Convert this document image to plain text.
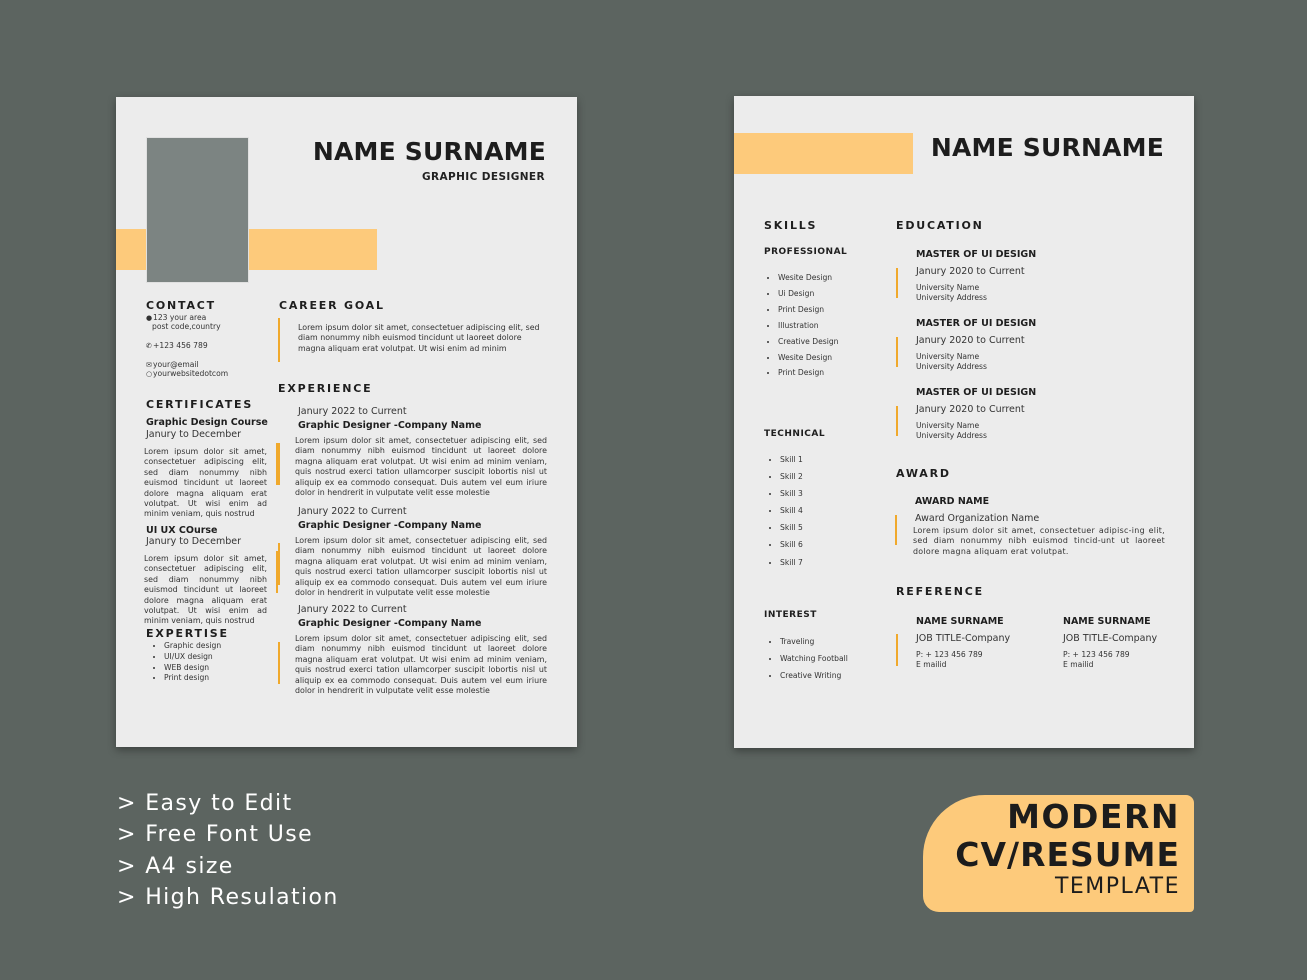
NAME SURNAME
GRAPHIC DESIGNER
CONTACT
●123 your area
post code,country
✆+123 456 789
✉your@email
○yourwebsitedotcom
CERTIFICATES
Graphic Design Course
Janury to December
Lorem ipsum dolor sit amet, consectetuer adipiscing elit, sed diam nonummy nibh euismod tincidunt ut laoreet dolore magna aliquam erat volutpat. Ut wisi enim ad minim veniam, quis nostrud
UI UX COurse
Janury to December
Lorem ipsum dolor sit amet, consectetuer adipiscing elit, sed diam nonummy nibh euismod tincidunt ut laoreet dolore magna aliquam erat volutpat. Ut wisi enim ad minim veniam, quis nostrud
EXPERTISE
• Graphic design
• UI/UX design
• WEB design
• Print design
CAREER GOAL
Lorem ipsum dolor sit amet, consectetuer adipiscing elit, sed diam nonummy nibh euismod tincidunt ut laoreet dolore magna aliquam erat volutpat. Ut wisi enim ad minim
EXPERIENCE
Janury 2022 to Current
Graphic Designer -Company Name
Lorem ipsum dolor sit amet, consectetuer adipiscing elit, sed diam nonummy nibh euismod tincidunt ut laoreet dolore magna aliquam erat volutpat. Ut wisi enim ad minim veniam, quis nostrud exerci tation ullamcorper suscipit lobortis nisl ut aliquip ex ea commodo consequat. Duis autem vel eum iriure dolor in hendrerit in vulputate velit esse molestie
Janury 2022 to Current
Graphic Designer -Company Name
Lorem ipsum dolor sit amet, consectetuer adipiscing elit, sed diam nonummy nibh euismod tincidunt ut laoreet dolore magna aliquam erat volutpat. Ut wisi enim ad minim veniam, quis nostrud exerci tation ullamcorper suscipit lobortis nisl ut aliquip ex ea commodo consequat. Duis autem vel eum iriure dolor in hendrerit in vulputate velit esse molestie
Janury 2022 to Current
Graphic Designer -Company Name
Lorem ipsum dolor sit amet, consectetuer adipiscing elit, sed diam nonummy nibh euismod tincidunt ut laoreet dolore magna aliquam erat volutpat. Ut wisi enim ad minim veniam, quis nostrud exerci tation ullamcorper suscipit lobortis nisl ut aliquip ex ea commodo consequat. Duis autem vel eum iriure dolor in hendrerit in vulputate velit esse molestie
NAME SURNAME
SKILLS
PROFESSIONAL
• Wesite Design
• Ui Design
• Print Design
• Illustration
• Creative Design
• Wesite Design
• Print Design
TECHNICAL
• Skill 1
• Skill 2
• Skill 3
• Skill 4
• Skill 5
• Skill 6
• Skill 7
INTEREST
• Traveling
• Watching Football
• Creative Writing
EDUCATION
MASTER OF UI DESIGN
Janury 2020 to Current
University Name
University Address
MASTER OF UI DESIGN
Janury 2020 to Current
University Name
University Address
MASTER OF UI DESIGN
Janury 2020 to Current
University Name
University Address
AWARD
AWARD NAME
Award Organization Name
Lorem ipsum dolor sit amet, consectetuer adipisc-ing elit, sed diam nonummy nibh euismod tincid-unt ut laoreet dolore magna aliquam erat volutpat.
REFERENCE
NAME SURNAME
JOB TITLE-Company
P: + 123 456 789
E mailid
NAME SURNAME
JOB TITLE-Company
P: + 123 456 789
E mailid
> Easy to Edit
> Free Font Use
> A4 size
> High Resulation
MODERN
CV/RESUME
TEMPLATE
